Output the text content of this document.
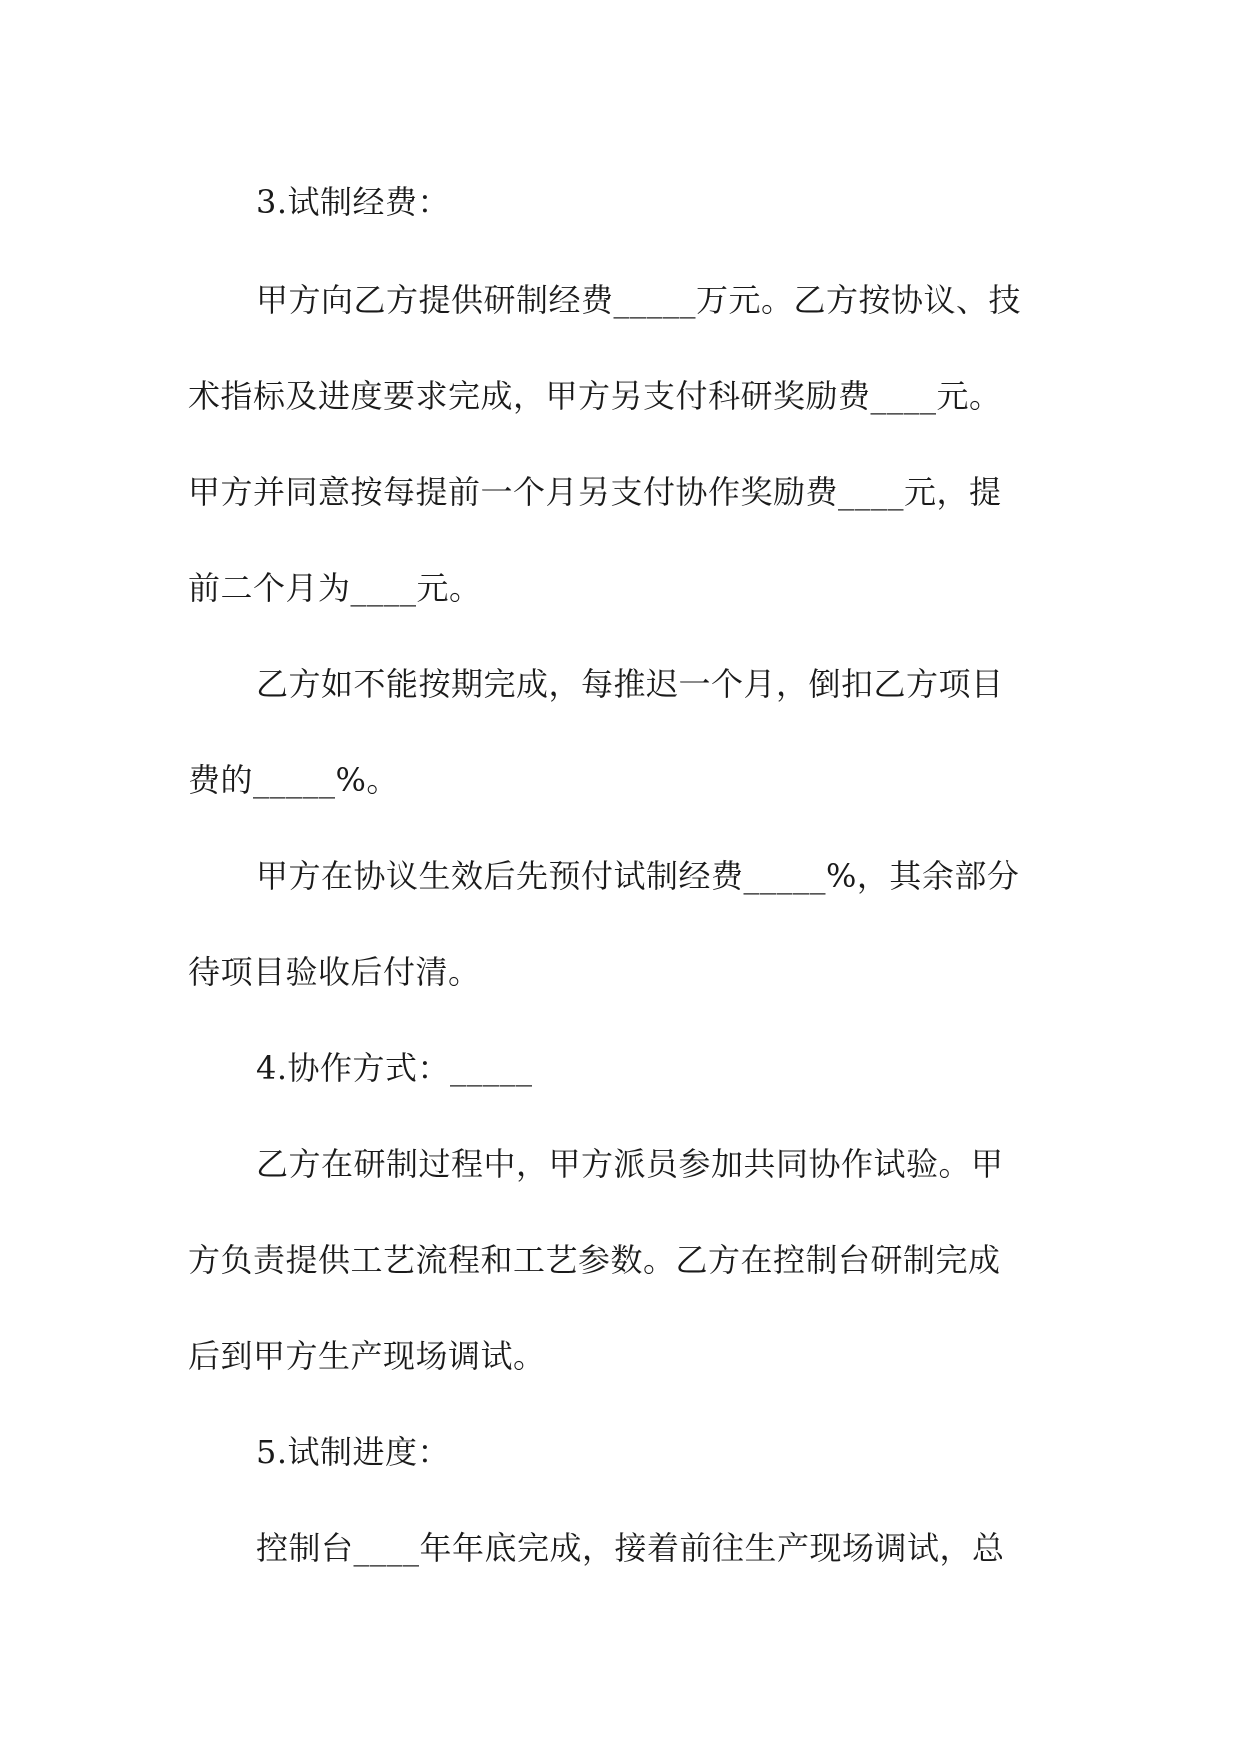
3.试制经费：
甲方向乙方提供研制经费_____万元。乙方按协议、技
术指标及进度要求完成，甲方另支付科研奖励费____元。
甲方并同意按每提前一个月另支付协作奖励费____元，提
前二个月为____元。
乙方如不能按期完成，每推迟一个月，倒扣乙方项目
费的_____%。
甲方在协议生效后先预付试制经费_____%，其余部分
待项目验收后付清。
4.协作方式：_____
乙方在研制过程中，甲方派员参加共同协作试验。甲
方负责提供工艺流程和工艺参数。乙方在控制台研制完成
后到甲方生产现场调试。
5.试制进度：
控制台____年年底完成，接着前往生产现场调试，总
